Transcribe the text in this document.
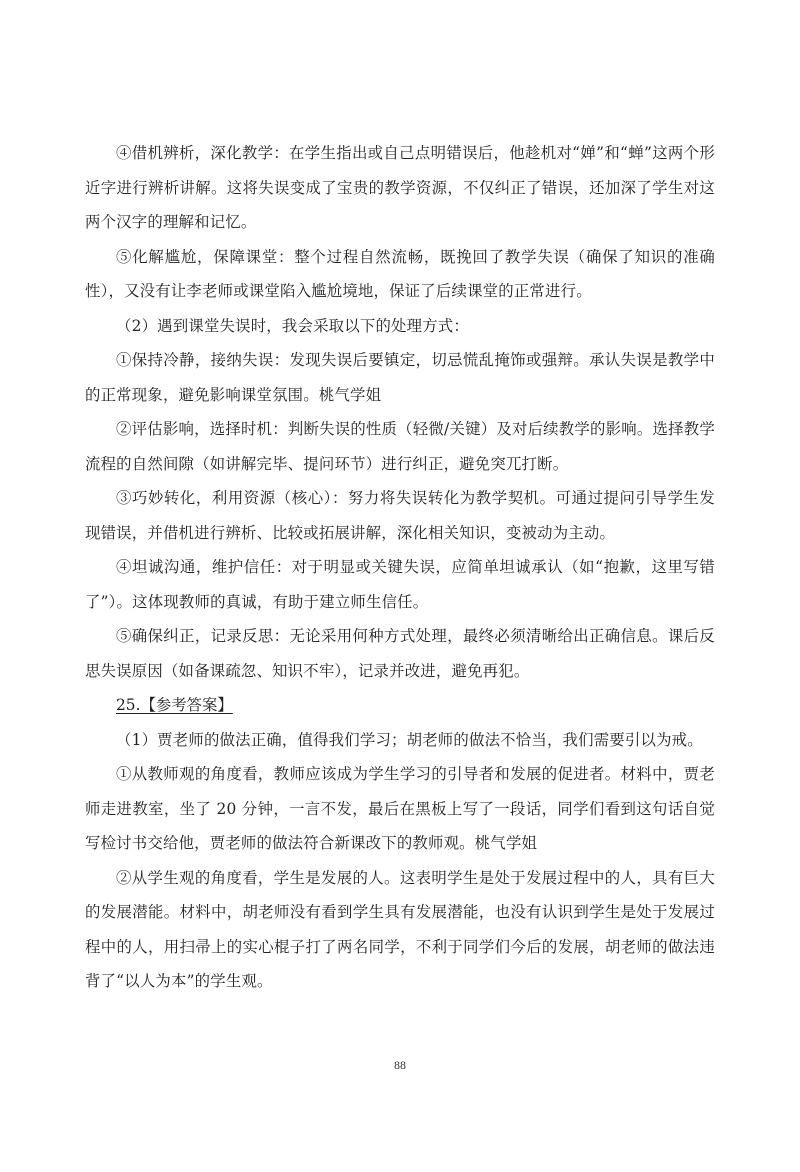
④借机辨析，深化教学：在学生指出或自己点明错误后，他趁机对“婵”和“蝉”这两个形近字进行辨析讲解。这将失误变成了宝贵的教学资源，不仅纠正了错误，还加深了学生对这两个汉字的理解和记忆。

⑤化解尴尬，保障课堂：整个过程自然流畅，既挽回了教学失误（确保了知识的准确性），又没有让李老师或课堂陷入尴尬境地，保证了后续课堂的正常进行。

（2）遇到课堂失误时，我会采取以下的处理方式：

①保持冷静，接纳失误：发现失误后要镇定，切忌慌乱掩饰或强辩。承认失误是教学中的正常现象，避免影响课堂氛围。桃气学姐

②评估影响，选择时机：判断失误的性质（轻微/关键）及对后续教学的影响。选择教学流程的自然间隙（如讲解完毕、提问环节）进行纠正，避免突兀打断。

③巧妙转化，利用资源（核心）：努力将失误转化为教学契机。可通过提问引导学生发现错误，并借机进行辨析、比较或拓展讲解，深化相关知识，变被动为主动。

④坦诚沟通，维护信任：对于明显或关键失误，应简单坦诚承认（如“抱歉，这里写错了”）。这体现教师的真诚，有助于建立师生信任。

⑤确保纠正，记录反思：无论采用何种方式处理，最终必须清晰给出正确信息。课后反思失误原因（如备课疏忽、知识不牢），记录并改进，避免再犯。

25.【参考答案】

（1）贾老师的做法正确，值得我们学习；胡老师的做法不恰当，我们需要引以为戒。

①从教师观的角度看，教师应该成为学生学习的引导者和发展的促进者。材料中，贾老师走进教室，坐了 20 分钟，一言不发，最后在黑板上写了一段话，同学们看到这句话自觉写检讨书交给他，贾老师的做法符合新课改下的教师观。桃气学姐

②从学生观的角度看，学生是发展的人。这表明学生是处于发展过程中的人，具有巨大的发展潜能。材料中，胡老师没有看到学生具有发展潜能，也没有认识到学生是处于发展过程中的人，用扫帚上的实心棍子打了两名同学，不利于同学们今后的发展，胡老师的做法违背了“以人为本”的学生观。

88
